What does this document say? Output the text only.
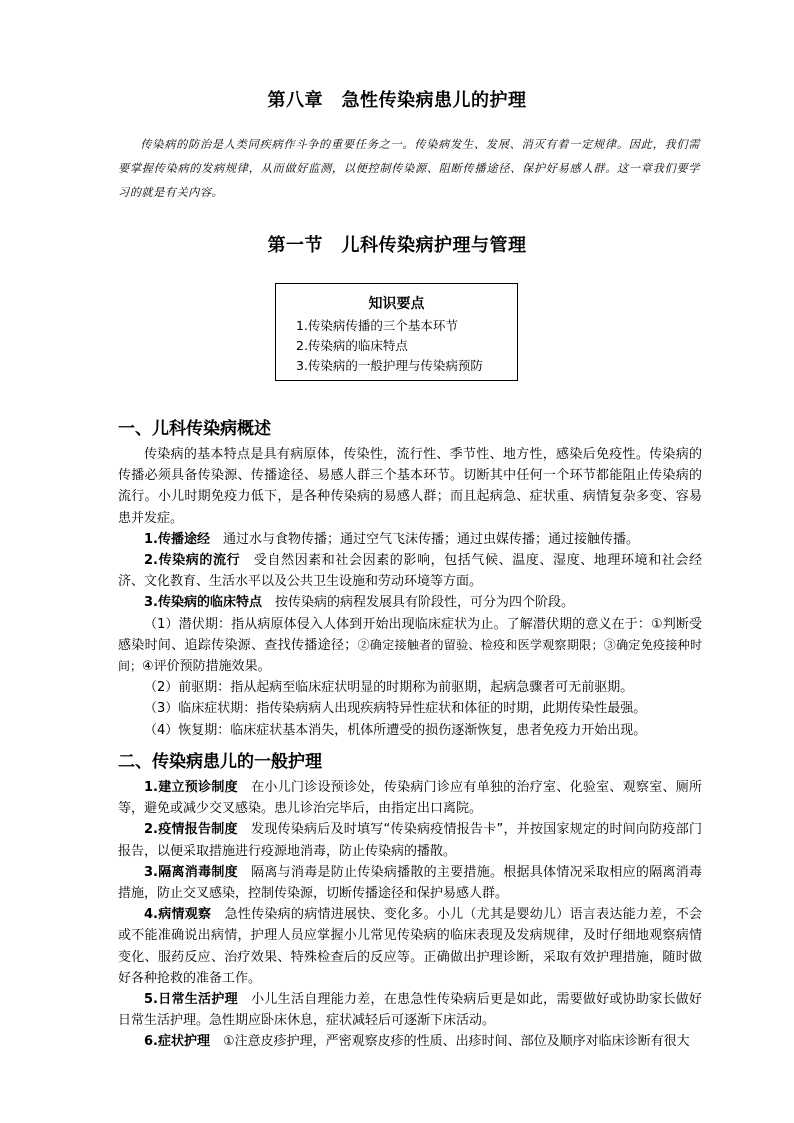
第八章　急性传染病患儿的护理

传染病的防治是人类同疾病作斗争的重要任务之一。传染病发生、发展、消灭有着一定规律。因此，我们需要掌握传染病的发病规律，从而做好监测，以便控制传染源、阻断传播途径、保护好易感人群。这一章我们要学习的就是有关内容。

第一节　儿科传染病护理与管理
知识要点
1.传染病传播的三个基本环节
2.传染病的临床特点
3.传染病的一般护理与传染病预防
一、儿科传染病概述

传染病的基本特点是具有病原体，传染性，流行性、季节性、地方性，感染后免疫性。传染病的传播必须具备传染源、传播途径、易感人群三个基本环节。切断其中任何一个环节都能阻止传染病的流行。小儿时期免疫力低下，是各种传染病的易感人群；而且起病急、症状重、病情复杂多变、容易患并发症。

1.传播途经　通过水与食物传播；通过空气飞沫传播；通过虫媒传播；通过接触传播。

2.传染病的流行　受自然因素和社会因素的影响，包括气候、温度、湿度、地理环境和社会经济、文化教育、生活水平以及公共卫生设施和劳动环境等方面。

3.传染病的临床特点　按传染病的病程发展具有阶段性，可分为四个阶段。

（1）潜伏期：指从病原体侵入人体到开始出现临床症状为止。了解潜伏期的意义在于：①判断受感染时间、追踪传染源、查找传播途径；②确定接触者的留验、检疫和医学观察期限；③确定免疫接种时间；④评价预防措施效果。

（2）前驱期：指从起病至临床症状明显的时期称为前驱期，起病急骤者可无前驱期。

（3）临床症状期：指传染病病人出现疾病特异性症状和体征的时期，此期传染性最强。

（4）恢复期：临床症状基本消失，机体所遭受的损伤逐渐恢复，患者免疫力开始出现。

二、传染病患儿的一般护理

1.建立预诊制度　在小儿门诊设预诊处，传染病门诊应有单独的治疗室、化验室、观察室、厕所等，避免或减少交叉感染。患儿诊治完毕后，由指定出口离院。

2.疫情报告制度　发现传染病后及时填写“传染病疫情报告卡”，并按国家规定的时间向防疫部门报告，以便采取措施进行疫源地消毒，防止传染病的播散。

3.隔离消毒制度　隔离与消毒是防止传染病播散的主要措施。根据具体情况采取相应的隔离消毒措施，防止交叉感染，控制传染源，切断传播途径和保护易感人群。

4.病情观察　急性传染病的病情进展快、变化多。小儿（尤其是婴幼儿）语言表达能力差，不会或不能准确说出病情，护理人员应掌握小儿常见传染病的临床表现及发病规律，及时仔细地观察病情变化、服药反应、治疗效果、特殊检查后的反应等。正确做出护理诊断，采取有效护理措施，随时做好各种抢救的准备工作。

5.日常生活护理　小儿生活自理能力差，在患急性传染病后更是如此，需要做好或协助家长做好日常生活护理。急性期应卧床休息，症状减轻后可逐渐下床活动。

6.症状护理　①注意皮疹护理，严密观察皮疹的性质、出疹时间、部位及顺序对临床诊断有很大
